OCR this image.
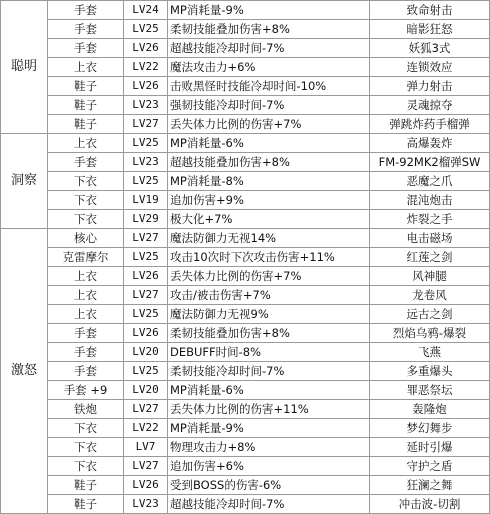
聪明	手套	LV24	MP消耗量-9%	致命射击
	手套	LV25	柔韧技能叠加伤害+8%	暗影狂怒
	手套	LV26	超越技能冷却时间-7%	妖狐3式
	上衣	LV22	魔法攻击力+6%	连锁效应
	鞋子	LV26	击败黑怪时技能冷却时间-10%	弹力射击
	鞋子	LV23	强韧技能冷却时间-7%	灵魂掠夺
	鞋子	LV27	丢失体力比例的伤害+7%	弹跳炸药手榴弹
洞察	上衣	LV25	MP消耗量-6%	高爆轰炸
	手套	LV23	超越技能叠加伤害+8%	FM-92MK2榴弹SW
	下衣	LV25	MP消耗量-8%	恶魔之爪
	下衣	LV19	追加伤害+9%	混沌炮击
	下衣	LV29	极大化+7%	炸裂之手
激怒	核心	LV27	魔法防御力无视14%	电击磁场
	克雷摩尔	LV25	攻击10次时下次攻击伤害+11%	红莲之剑
	上衣	LV26	丢失体力比例的伤害+7%	风神腿
	上衣	LV27	攻击/被击伤害+7%	龙卷风
	上衣	LV25	魔法防御力无视9%	远古之剑
	手套	LV26	柔韧技能叠加伤害+8%	烈焰乌鸦-爆裂
	手套	LV20	DEBUFF时间-8%	飞燕
	手套	LV25	柔韧技能冷却时间-7%	多重爆头
	手套 +9	LV20	MP消耗量-6%	罪恶祭坛
	铁炮	LV27	丢失体力比例的伤害+11%	轰隆炮
	下衣	LV22	MP消耗量-9%	梦幻舞步
	下衣	LV7	物理攻击力+8%	延时引爆
	下衣	LV27	追加伤害+6%	守护之盾
	鞋子	LV26	受到BOSS的伤害-6%	狂澜之舞
	鞋子	LV23	超越技能冷却时间-7%	冲击波-切割
